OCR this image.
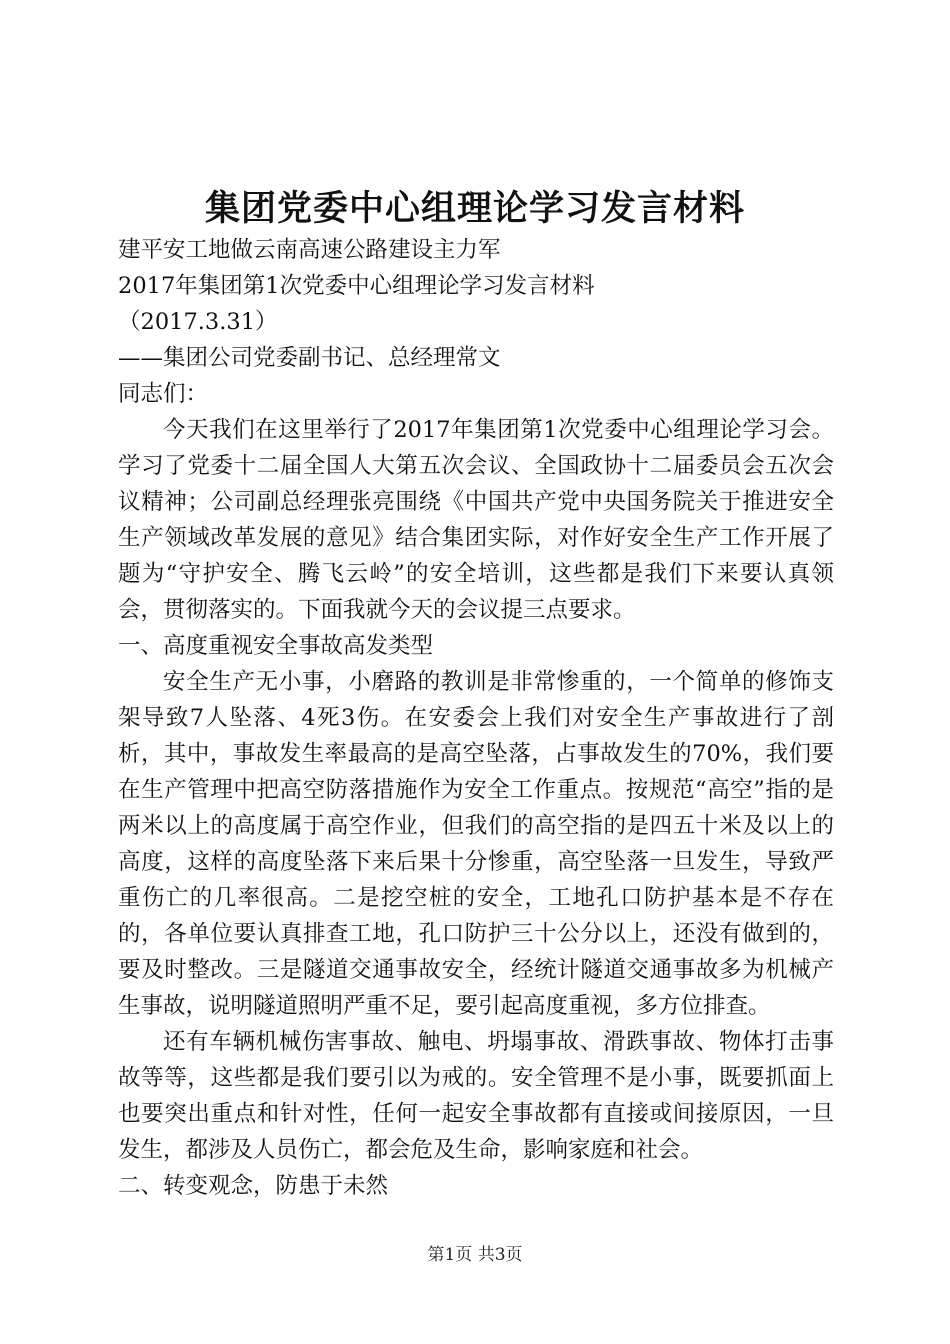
集团党委中心组理论学习发言材料

建平安工地做云南高速公路建设主力军

2017年集团第1次党委中心组理论学习发言材料

（2017.3.31）

——集团公司党委副书记、总经理常文

同志们：

今天我们在这里举行了2017年集团第1次党委中心组理论学习会。学习了党委十二届全国人大第五次会议、全国政协十二届委员会五次会议精神；公司副总经理张亮围绕《中国共产党中央国务院关于推进安全生产领域改革发展的意见》结合集团实际，对作好安全生产工作开展了题为“守护安全、腾飞云岭”的安全培训，这些都是我们下来要认真领会，贯彻落实的。下面我就今天的会议提三点要求。

一、高度重视安全事故高发类型

安全生产无小事，小磨路的教训是非常惨重的，一个简单的修饰支架导致7人坠落、4死3伤。在安委会上我们对安全生产事故进行了剖析，其中，事故发生率最高的是高空坠落，占事故发生的70%，我们要在生产管理中把高空防落措施作为安全工作重点。按规范“高空”指的是两米以上的高度属于高空作业，但我们的高空指的是四五十米及以上的高度，这样的高度坠落下来后果十分惨重，高空坠落一旦发生，导致严重伤亡的几率很高。二是挖空桩的安全，工地孔口防护基本是不存在的，各单位要认真排查工地，孔口防护三十公分以上，还没有做到的，要及时整改。三是隧道交通事故安全，经统计隧道交通事故多为机械产生事故，说明隧道照明严重不足，要引起高度重视，多方位排查。

还有车辆机械伤害事故、触电、坍塌事故、滑跌事故、物体打击事故等等，这些都是我们要引以为戒的。安全管理不是小事，既要抓面上也要突出重点和针对性，任何一起安全事故都有直接或间接原因，一旦发生，都涉及人员伤亡，都会危及生命，影响家庭和社会。

二、转变观念，防患于未然

第1页 共3页
